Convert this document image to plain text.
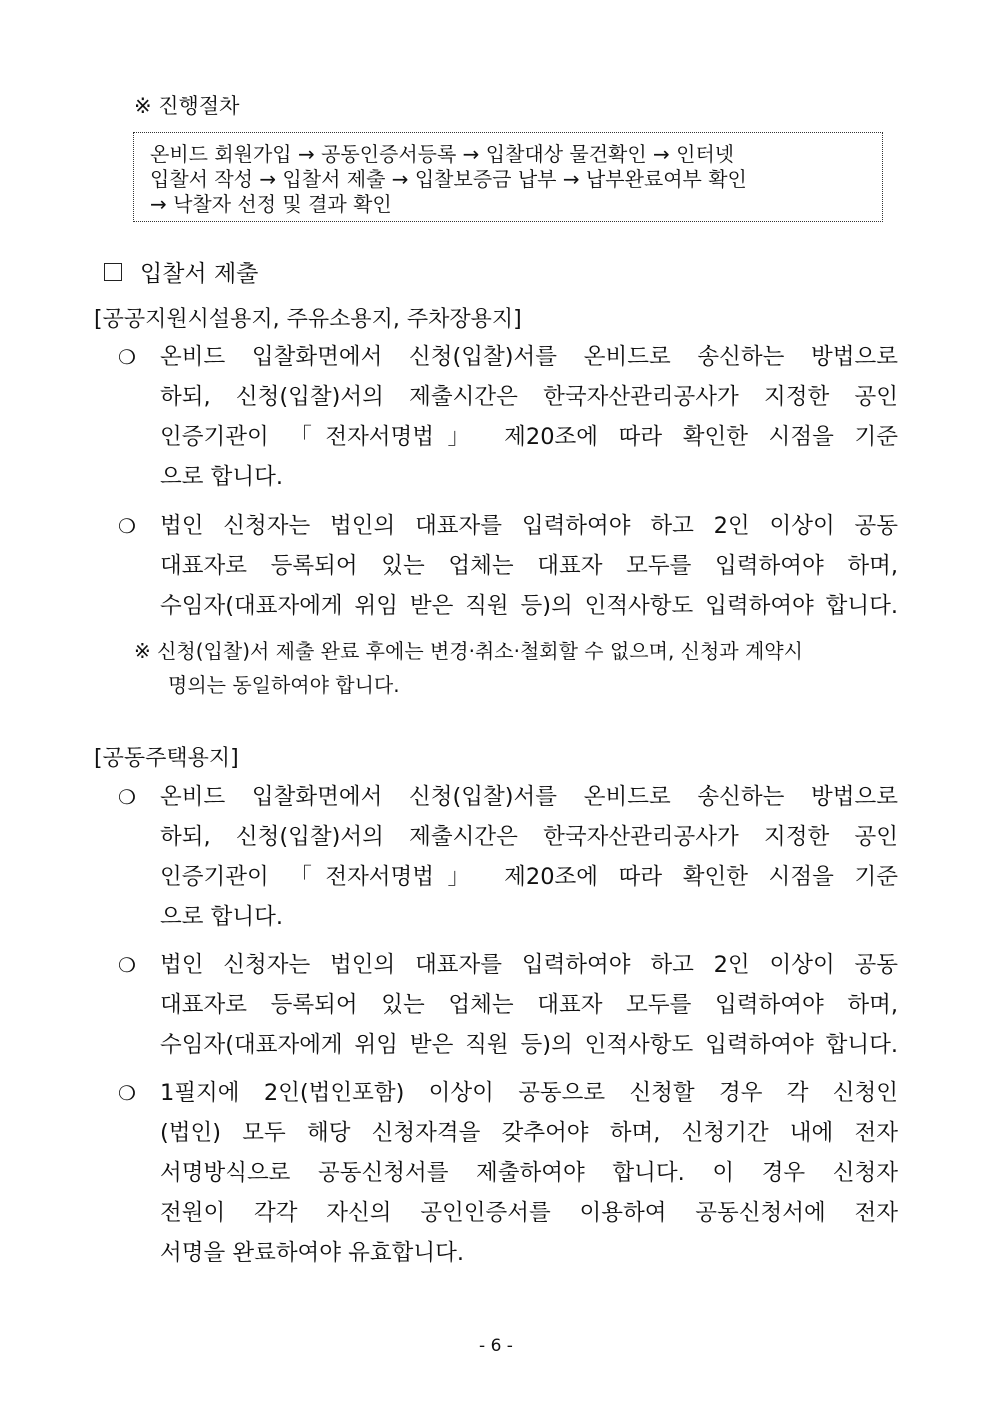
※ 진행절차
온비드 회원가입 → 공동인증서등록 → 입찰대상 물건확인 → 인터넷
입찰서 작성 → 입찰서 제출 → 입찰보증금 납부 → 납부완료여부 확인
→ 낙찰자 선정 및 결과 확인
입찰서 제출
[공공지원시설용지, 주유소용지, 주차장용지]
❍	온비드 입찰화면에서 신청(입찰)서를 온비드로 송신하는 방법으로
하되, 신청(입찰)서의 제출시간은 한국자산관리공사가 지정한 공인
인증기관이 「전자서명법」 제20조에 따라 확인한 시점을 기준
으로 합니다.
❍	법인 신청자는 법인의 대표자를 입력하여야 하고 2인 이상이 공동
대표자로 등록되어 있는 업체는 대표자 모두를 입력하여야 하며,
수임자(대표자에게 위임 받은 직원 등)의 인적사항도 입력하여야 합니다.
※ 신청(입찰)서 제출 완료 후에는 변경·취소·철회할 수 없으며, 신청과 계약시
명의는 동일하여야 합니다.
[공동주택용지]
❍	온비드 입찰화면에서 신청(입찰)서를 온비드로 송신하는 방법으로
하되, 신청(입찰)서의 제출시간은 한국자산관리공사가 지정한 공인
인증기관이 「전자서명법」 제20조에 따라 확인한 시점을 기준
으로 합니다.
❍	법인 신청자는 법인의 대표자를 입력하여야 하고 2인 이상이 공동
대표자로 등록되어 있는 업체는 대표자 모두를 입력하여야 하며,
수임자(대표자에게 위임 받은 직원 등)의 인적사항도 입력하여야 합니다.
❍	1필지에 2인(법인포함) 이상이 공동으로 신청할 경우 각 신청인
(법인) 모두 해당 신청자격을 갖추어야 하며, 신청기간 내에 전자
서명방식으로 공동신청서를 제출하여야 합니다. 이 경우 신청자
전원이 각각 자신의 공인인증서를 이용하여 공동신청서에 전자
서명을 완료하여야 유효합니다.
- 6 -
